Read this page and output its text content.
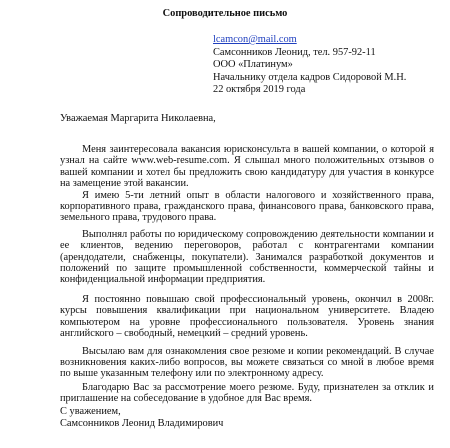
Сопроводительное письмо
lcamcon@mail.com
Самсонников Леонид, тел. 957-92-11
ООО «Платинум»
Начальнику отдела кадров Сидоровой М.Н.
22 октября 2019 года
Уважаемая Маргарита Николаевна,

Меня заинтересовала вакансия юрисконсульта в вашей компании, о которой я узнал на сайте www.web-resume.com. Я слышал много положительных отзывов о вашей компании и хотел бы предложить свою кандидатуру для участия в конкурсе на замещение этой вакансии.

Я имею 5-ти летний опыт в области налогового и хозяйственного права, корпоративного права, гражданского права, финансового права, банковского права, земельного права, трудового права.

Выполнял работы по юридическому сопровождению деятельности компании и ее клиентов, ведению переговоров, работал с контрагентами компании (арендодатели, снабженцы, покупатели). Занимался разработкой документов и положений по защите промышленной собственности, коммерческой тайны и конфиденциальной информации предприятия.

Я постоянно повышаю свой профессиональный уровень, окончил в 2008г. курсы повышения квалификации при национальном университете. Владею компьютером на уровне профессионального пользователя. Уровень знания английского – свободный, немецкий – средний уровень.

Высылаю вам для ознакомления свое резюме и копии рекомендаций. В случае возникновения каких-либо вопросов, вы можете связаться со мной в любое время по выше указанным телефону или по электронному адресу.

Благодарю Вас за рассмотрение моего резюме. Буду, признателен за отклик и приглашение на собеседование в удобное для Вас время.

С уважением,
Самсонников Леонид Владимирович
